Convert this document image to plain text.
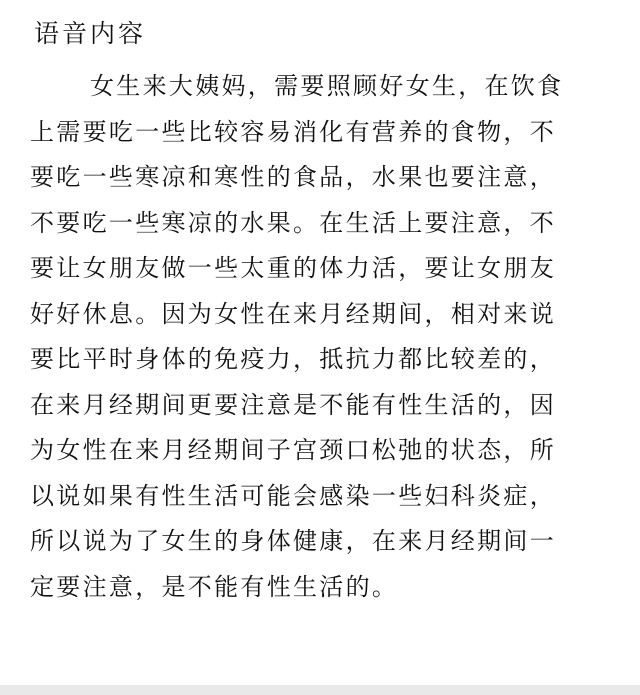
语音内容
女生来大姨妈，需要照顾好女生，在饮食
上需要吃一些比较容易消化有营养的食物，不
要吃一些寒凉和寒性的食品，水果也要注意，
不要吃一些寒凉的水果。在生活上要注意，不
要让女朋友做一些太重的体力活，要让女朋友
好好休息。因为女性在来月经期间，相对来说
要比平时身体的免疫力，抵抗力都比较差的，
在来月经期间更要注意是不能有性生活的，因
为女性在来月经期间子宫颈口松弛的状态，所
以说如果有性生活可能会感染一些妇科炎症，
所以说为了女生的身体健康，在来月经期间一
定要注意，是不能有性生活的。
